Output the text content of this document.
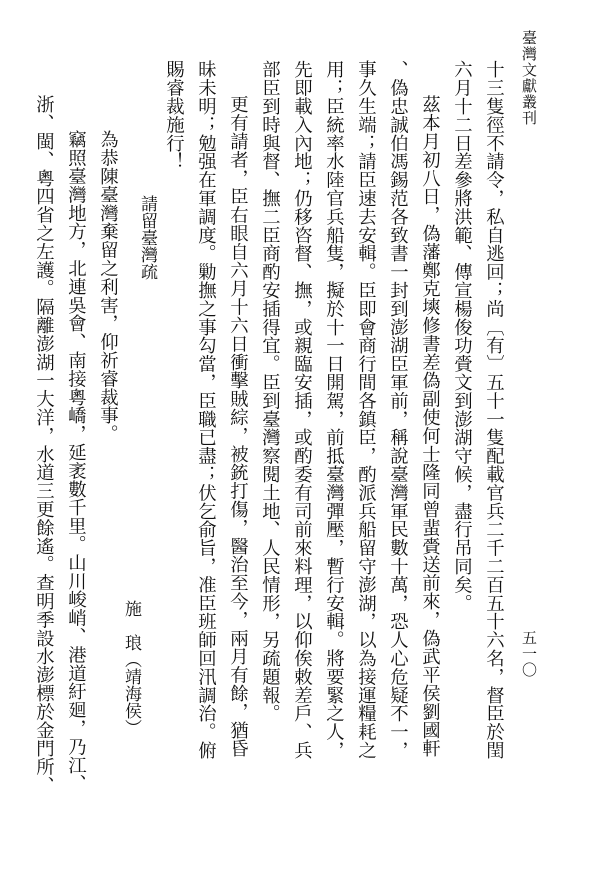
臺灣文獻叢刊
五一〇
十三隻徑不請令，私自逃回；尚〔有〕五十一隻配載官兵二千二百五十六名，督臣於閏
六月十二日差參將洪範、傳宣楊俊功賫文到澎湖守候，盡行吊同矣。
茲本月初八日，偽藩鄭克塽修書差偽副使何士隆同曾蜚賫送前來，偽武平侯劉國軒
、偽忠誠伯馮錫范各致書一封到澎湖臣軍前，稱說臺灣軍民數十萬，恐人心危疑不一，
事久生端；請臣速去安輯。臣即會商行間各鎮臣，酌派兵船留守澎湖，以為接運糧耗之
用；臣統率水陸官兵船隻，擬於十一日開駕，前抵臺灣彈壓，暫行安輯。將要緊之人，
先即載入內地；仍移咨督、撫，或親臨安插，或酌委有司前來料理，以仰俟敕差戶、兵
部臣到時與督、撫二臣商酌安插得宜。臣到臺灣察閱土地、人民情形，另疏題報。
更有請者，臣右眼自六月十六日衝擊賊綜，被銃打傷，醫治至今，兩月有餘，猶昏
昧未明；勉强在軍調度。勦撫之事勾當，臣職已盡；伏乞俞旨，准臣班師回汛調治。俯
賜睿裁施行！
請留臺灣疏
施　琅（靖海侯）
為恭陳臺灣棄留之利害，仰祈睿裁事。
竊照臺灣地方，北連吳會、南接粵嶠，延袤數千里。山川峻峭、港道紆廻，乃江、
浙、閩、粵四省之左護。隔離澎湖一大洋，水道三更餘遙。查明季設水澎標於金門所、
